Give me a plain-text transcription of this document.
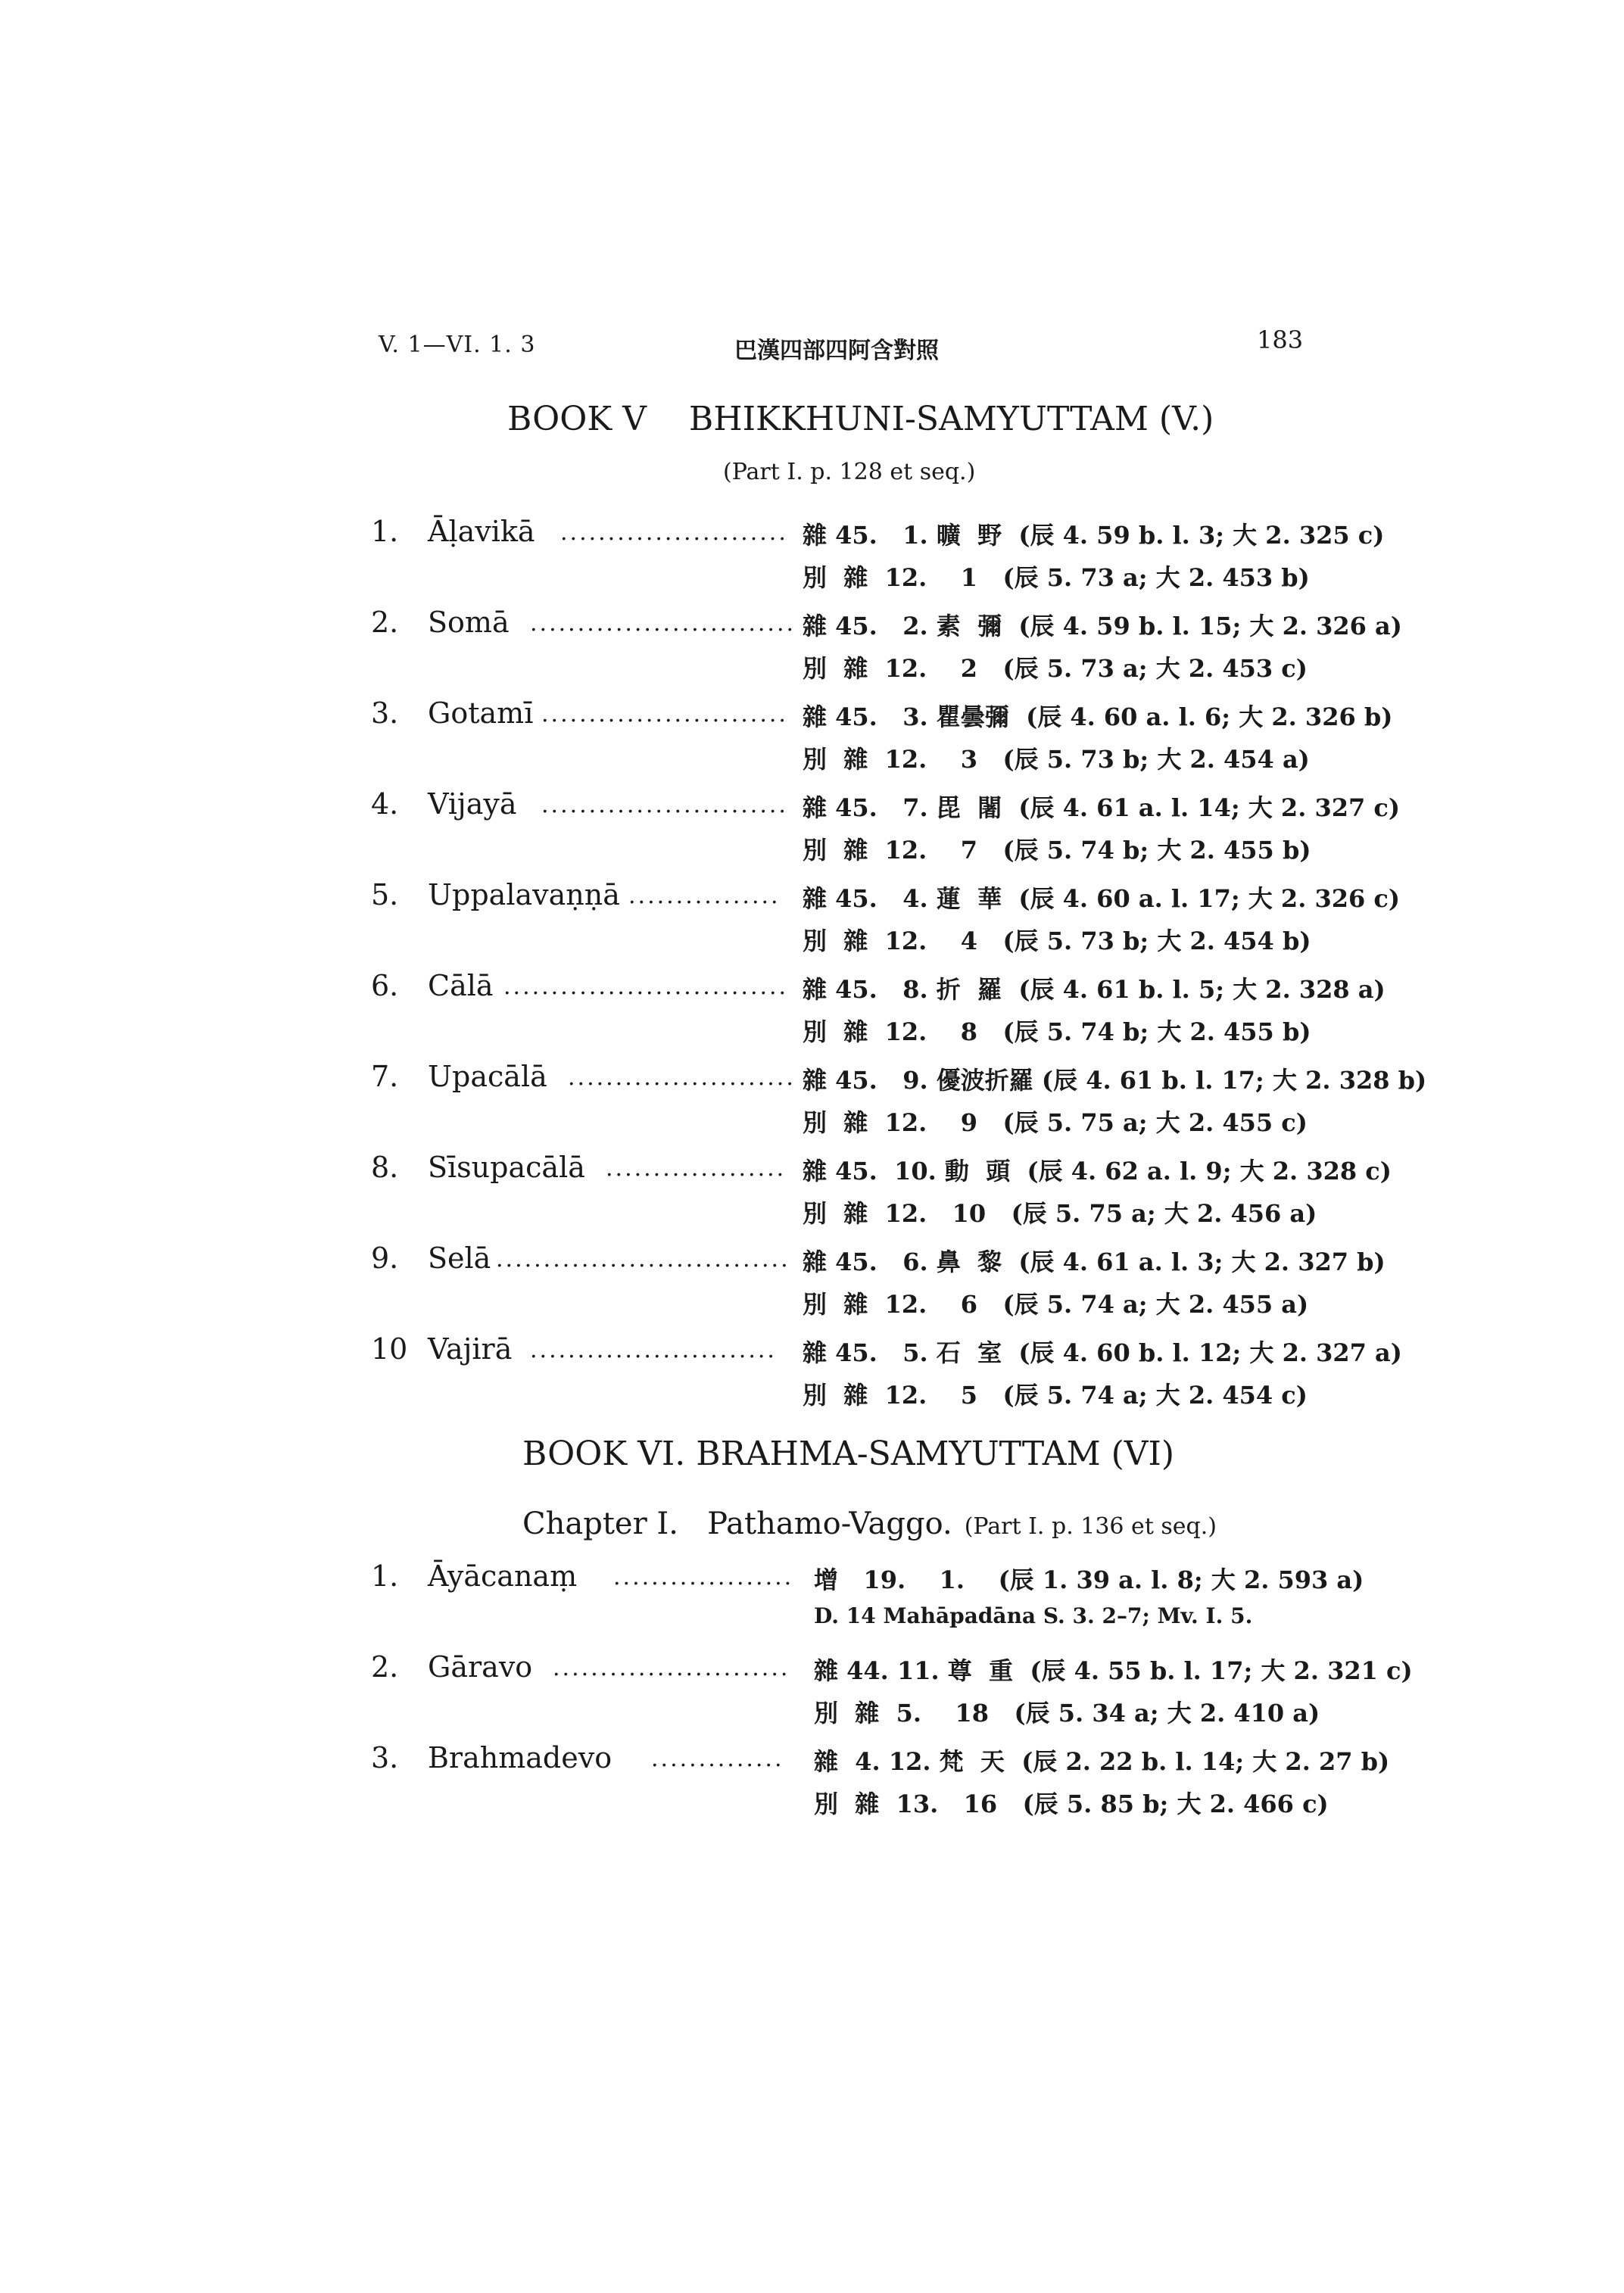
V. 1—VI. 1. 3	巴漢四部四阿含對照	183
BOOK V    BHIKKHUNI-SAMYUTTAM (V.)
(Part I. p. 128 et seq.)
1. Āḷavikā ........................ 雜 45.   1. 曠  野  (辰 4. 59 b. l. 3; 大 2. 325 c)
別  雜  12.    1   (辰 5. 73 a; 大 2. 453 b)
2. Somā ............................ 雜 45.   2. 素  彌  (辰 4. 59 b. l. 15; 大 2. 326 a)
別  雜  12.    2   (辰 5. 73 a; 大 2. 453 c)
3. Gotamī .......................... 雜 45.   3. 瞿曇彌  (辰 4. 60 a. l. 6; 大 2. 326 b)
別  雜  12.    3   (辰 5. 73 b; 大 2. 454 a)
4. Vijayā .......................... 雜 45.   7. 毘  闍  (辰 4. 61 a. l. 14; 大 2. 327 c)
別  雜  12.    7   (辰 5. 74 b; 大 2. 455 b)
5. Uppalavaṇṇā ................ 雜 45.   4. 蓮  華  (辰 4. 60 a. l. 17; 大 2. 326 c)
別  雜  12.    4   (辰 5. 73 b; 大 2. 454 b)
6. Cālā .............................. 雜 45.   8. 折  羅  (辰 4. 61 b. l. 5; 大 2. 328 a)
別  雜  12.    8   (辰 5. 74 b; 大 2. 455 b)
7. Upacālā ........................ 雜 45.   9. 優波折羅 (辰 4. 61 b. l. 17; 大 2. 328 b)
別  雜  12.    9   (辰 5. 75 a; 大 2. 455 c)
8. Sīsupacālā ................... 雜 45.  10. 動  頭  (辰 4. 62 a. l. 9; 大 2. 328 c)
別  雜  12.   10   (辰 5. 75 a; 大 2. 456 a)
9. Selā ............................... 雜 45.   6. 鼻  黎  (辰 4. 61 a. l. 3; 大 2. 327 b)
別  雜  12.    6   (辰 5. 74 a; 大 2. 455 a)
10 Vajirā ..........................	雜 45.   5. 石  室  (辰 4. 60 b. l. 12; 大 2. 327 a)
別  雜  12.    5   (辰 5. 74 a; 大 2. 454 c)
BOOK VI. BRAHMA-SAMYUTTAM (VI)
Chapter I.   Pathamo-Vaggo. (Part I. p. 136 et seq.)
1. Āyācanaṃ ................... 增   19.    1.    (辰 1. 39 a. l. 8; 大 2. 593 a)
D. 14 Mahāpadāna S. 3. 2–7; Mv. I. 5.
2. Gāravo ......................... 雜 44. 11. 尊  重  (辰 4. 55 b. l. 17; 大 2. 321 c)
別  雜  5.    18   (辰 5. 34 a; 大 2. 410 a)
3. Brahmadevo ..............	雜  4. 12. 梵  天  (辰 2. 22 b. l. 14; 大 2. 27 b)
別  雜  13.   16   (辰 5. 85 b; 大 2. 466 c)
